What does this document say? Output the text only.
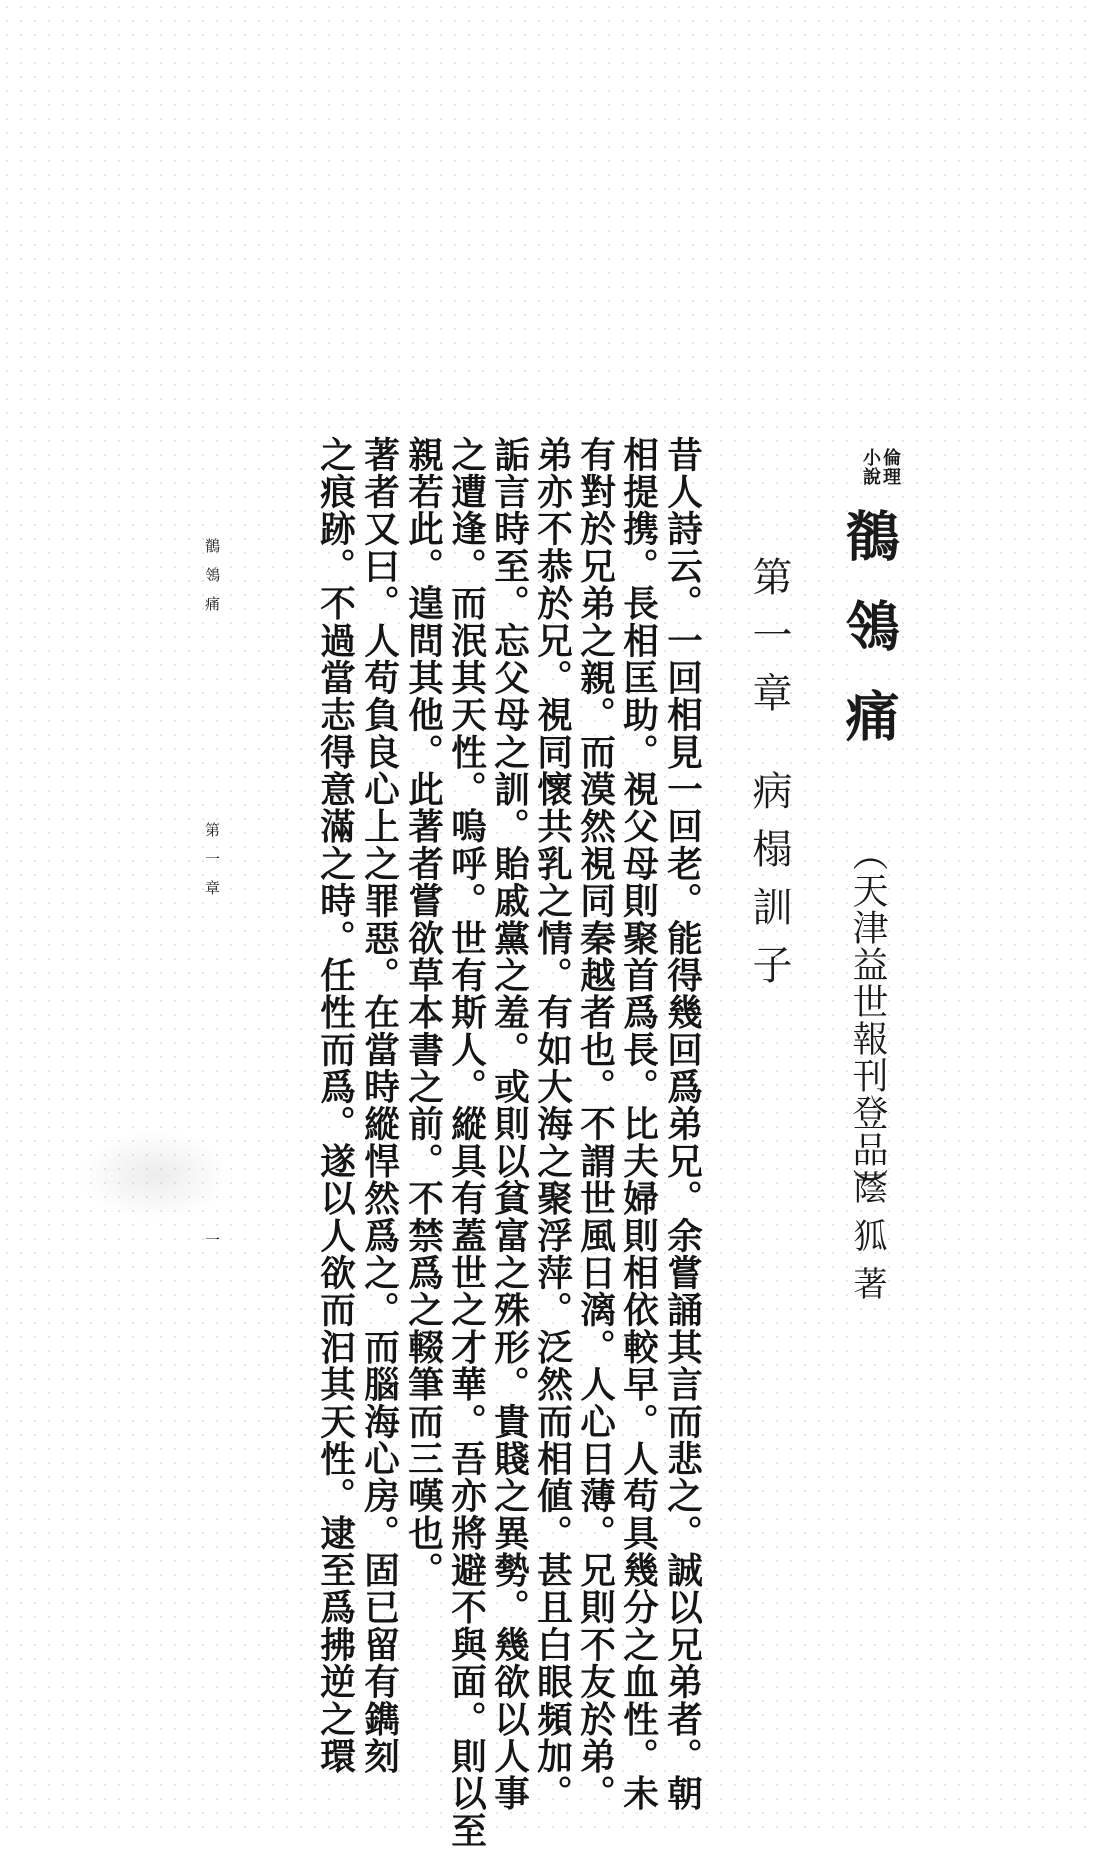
倫理
小說
鶺鴒痛
（天津益世報刊登品）
蔭狐著
第一章病榻訓子
昔人詩云。一回相見一回老。能得幾回爲弟兄。余嘗誦其言而悲之。誠以兄弟者。朝
相提携。長相匡助。視父母則聚首爲長。比夫婦則相依較早。人苟具幾分之血性。未
有對於兄弟之親。而漠然視同秦越者也。不謂世風日漓。人心日薄。兄則不友於弟。
弟亦不恭於兄。視同懷共乳之情。有如大海之聚浮萍。泛然而相値。甚且白眼頻加。
詬言時至。忘父母之訓。貽戚黨之羞。或則以貧富之殊形。貴賤之異勢。幾欲以人事
之遭逢。而泯其天性。嗚呼。世有斯人。縱具有蓋世之才華。吾亦將避不與面。則以至
親若此。遑問其他。此著者嘗欲草本書之前。不禁爲之輟筆而三嘆也。
著者又曰。人苟負良心上之罪惡。在當時縱悍然爲之。而腦海心房。固已留有鐫刻
之痕跡。不過當志得意滿之時。任性而爲。遂以人欲而汩其天性。逮至爲拂逆之環
鶺鴒痛
第一章
一
